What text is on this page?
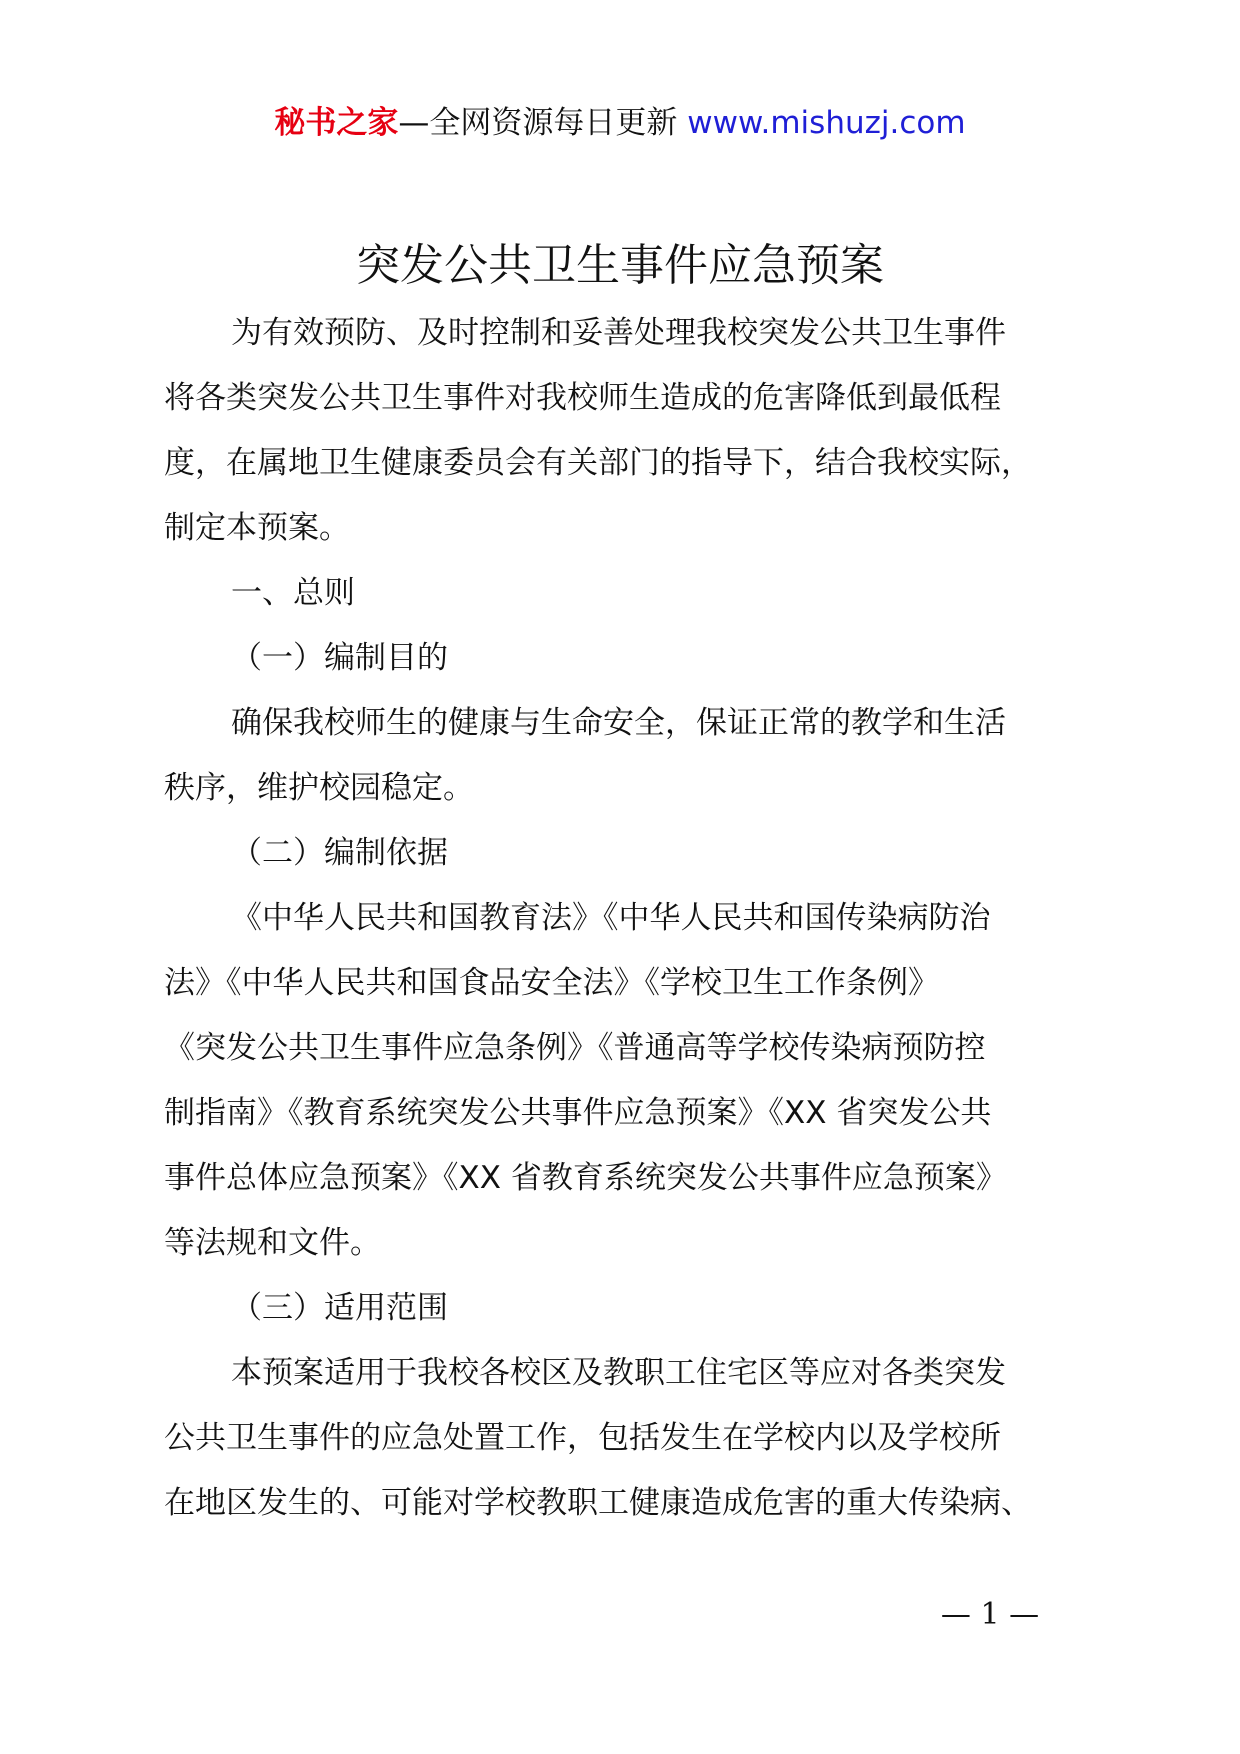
秘书之家—全网资源每日更新 www.mishuzj.com
突发公共卫生事件应急预案
为有效预防、及时控制和妥善处理我校突发公共卫生事件
将各类突发公共卫生事件对我校师生造成的危害降低到最低程
度，在属地卫生健康委员会有关部门的指导下，结合我校实际，
制定本预案。
一、总则
（一）编制目的
确保我校师生的健康与生命安全，保证正常的教学和生活
秩序，维护校园稳定。
（二）编制依据
《中华人民共和国教育法》《中华人民共和国传染病防治
法》《中华人民共和国食品安全法》《学校卫生工作条例》
《突发公共卫生事件应急条例》《普通高等学校传染病预防控
制指南》《教育系统突发公共事件应急预案》《XX 省突发公共
事件总体应急预案》《XX 省教育系统突发公共事件应急预案》
等法规和文件。
（三）适用范围
本预案适用于我校各校区及教职工住宅区等应对各类突发
公共卫生事件的应急处置工作，包括发生在学校内以及学校所
在地区发生的、可能对学校教职工健康造成危害的重大传染病、
— 1 —
